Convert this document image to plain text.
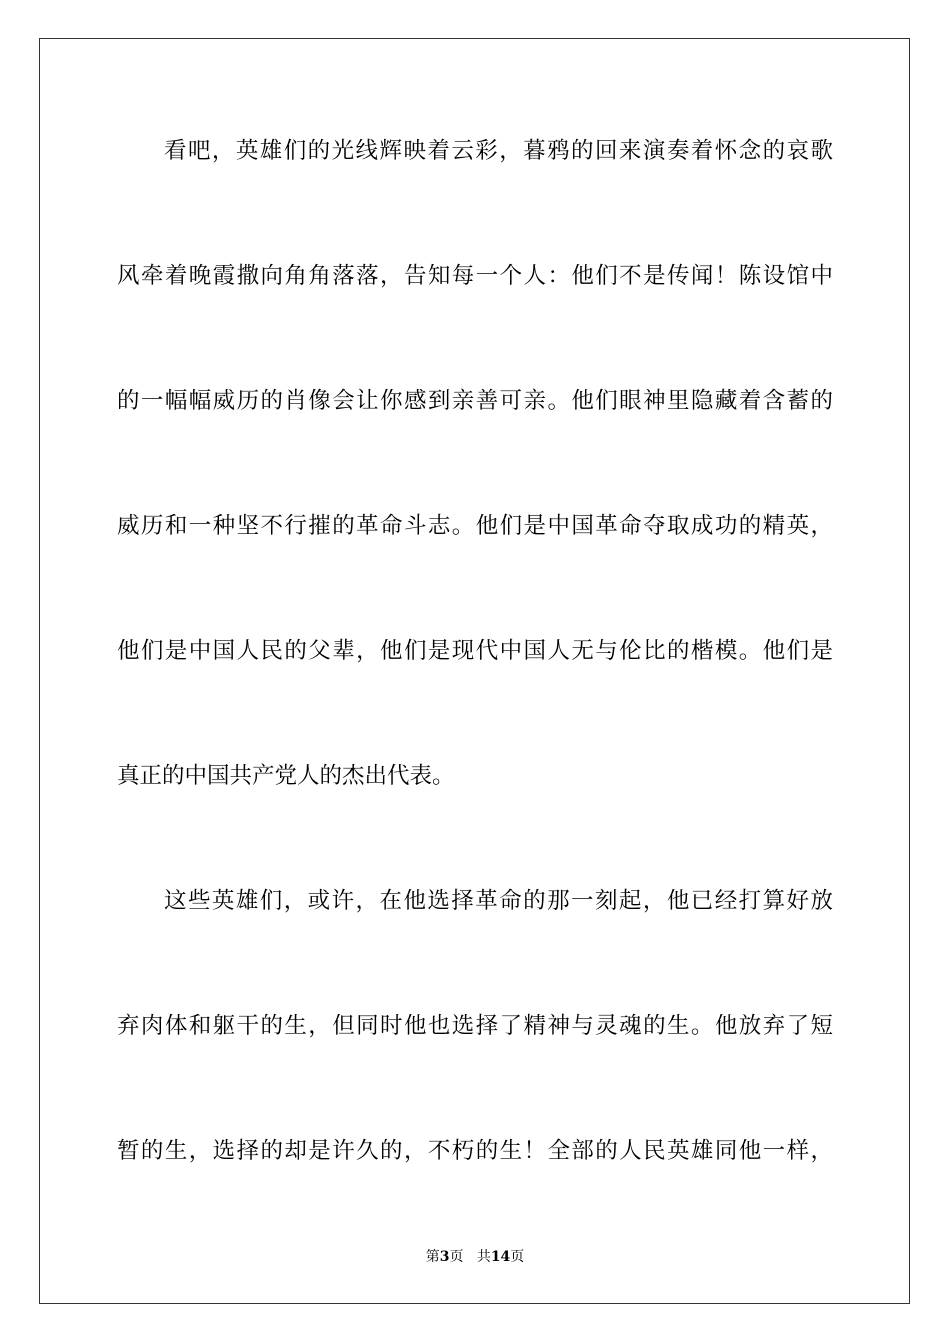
看吧，英雄们的光线辉映着云彩，暮鸦的回来演奏着怀念的哀歌
风牵着晚霞撒向角角落落，告知每一个人：他们不是传闻！陈设馆中
的一幅幅威历的肖像会让你感到亲善可亲。他们眼神里隐藏着含蓄的
威历和一种坚不行摧的革命斗志。他们是中国革命夺取成功的精英，
他们是中国人民的父辈，他们是现代中国人无与伦比的楷模。他们是
真正的中国共产党人的杰出代表。
这些英雄们，或许，在他选择革命的那一刻起，他已经打算好放
弃肉体和躯干的生，但同时他也选择了精神与灵魂的生。他放弃了短
暂的生，选择的却是许久的，不朽的生！全部的人民英雄同他一样，
第3页 共14页
